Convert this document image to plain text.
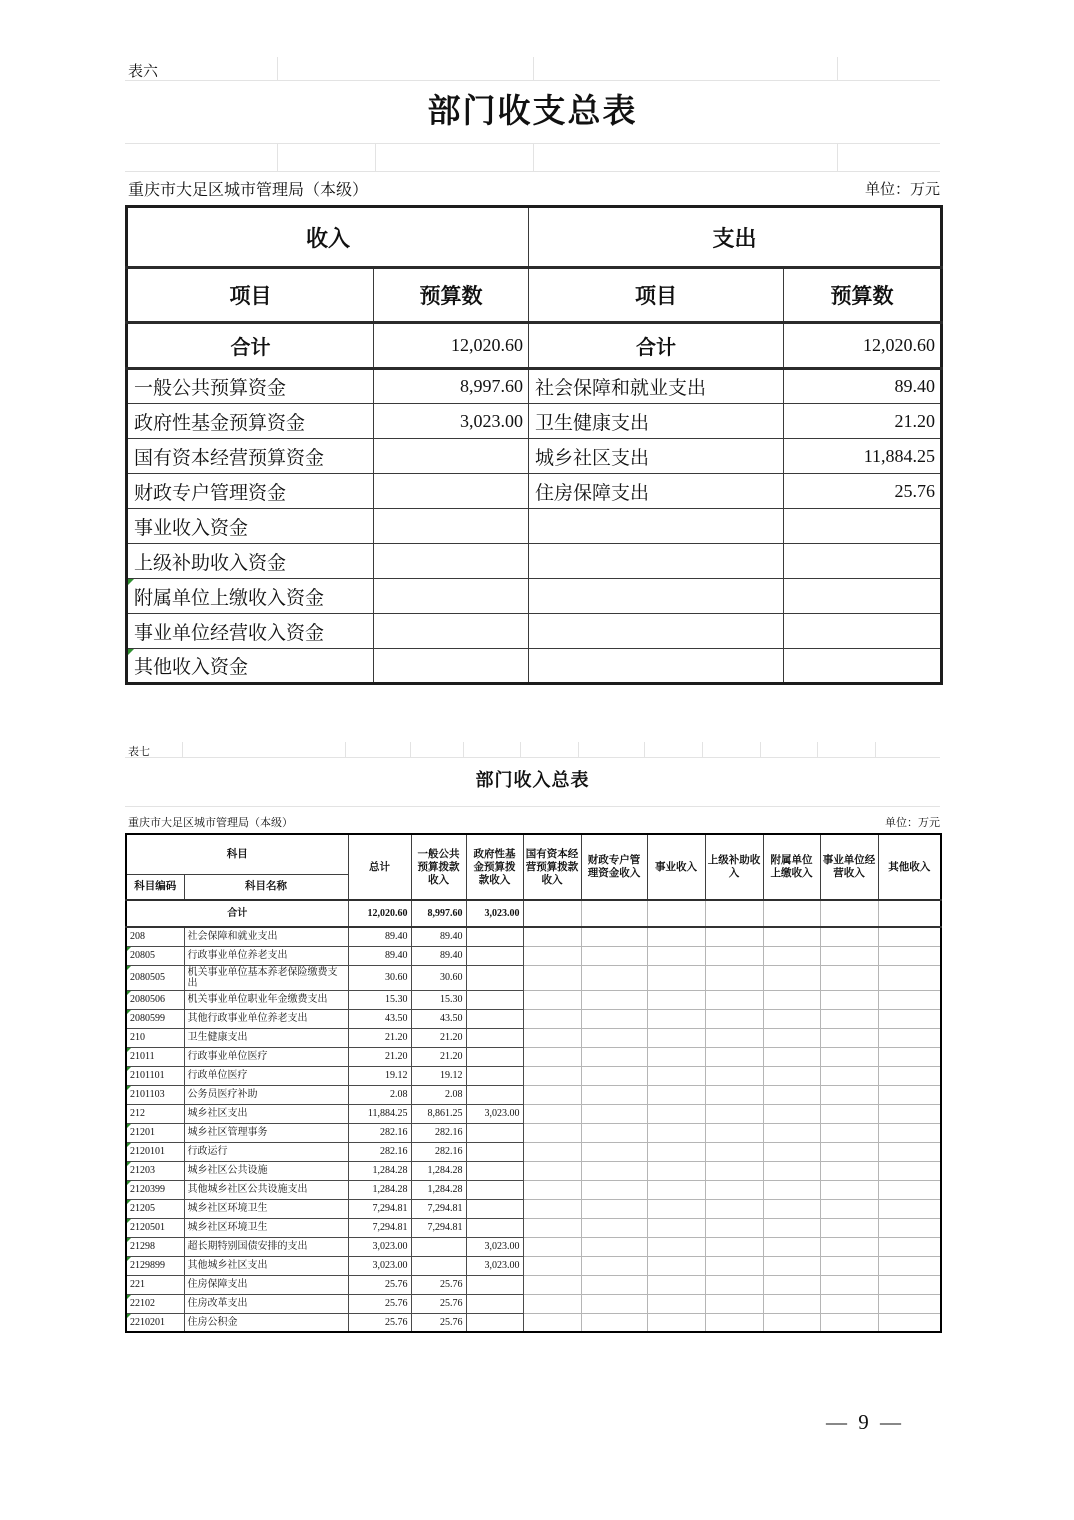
表六
部门收支总表
重庆市大足区城市管理局（本级）	单位：万元
收入		支出	
项目	预算数	项目	预算数
合计	12,020.60	合计	12,020.60
一般公共预算资金	8,997.60	社会保障和就业支出	89.40
政府性基金预算资金	3,023.00	卫生健康支出	21.20
国有资本经营预算资金		城乡社区支出	11,884.25
财政专户管理资金		住房保障支出	25.76
事业收入资金			
上级补助收入资金			
附属单位上缴收入资金			
事业单位经营收入资金			
其他收入资金			
表七
部门收入总表
重庆市大足区城市管理局（本级）	单位：万元
科目		总计	一般公共预算拨款收入	政府性基金预算拨款收入	国有资本经营预算拨款收入	财政专户管理资金收入	事业收入	上级补助收入	附属单位上缴收入	事业单位经营收入	其他收入
科目编码	科目名称										
合计		12,020.60	8,997.60	3,023.00							
208	社会保障和就业支出	89.40	89.40								
20805	行政事业单位养老支出	89.40	89.40								
2080505	机关事业单位基本养老保险缴费支出	30.60	30.60								
2080506	机关事业单位职业年金缴费支出	15.30	15.30								
2080599	其他行政事业单位养老支出	43.50	43.50								
210	卫生健康支出	21.20	21.20								
21011	行政事业单位医疗	21.20	21.20								
2101101	行政单位医疗	19.12	19.12								
2101103	公务员医疗补助	2.08	2.08								
212	城乡社区支出	11,884.25	8,861.25	3,023.00							
21201	城乡社区管理事务	282.16	282.16								
2120101	行政运行	282.16	282.16								
21203	城乡社区公共设施	1,284.28	1,284.28								
2120399	其他城乡社区公共设施支出	1,284.28	1,284.28								
21205	城乡社区环境卫生	7,294.81	7,294.81								
2120501	城乡社区环境卫生	7,294.81	7,294.81								
21298	超长期特别国债安排的支出	3,023.00		3,023.00							
2129899	其他城乡社区支出	3,023.00		3,023.00							
221	住房保障支出	25.76	25.76								
22102	住房改革支出	25.76	25.76								
2210201	住房公积金	25.76	25.76								
— 9 —
